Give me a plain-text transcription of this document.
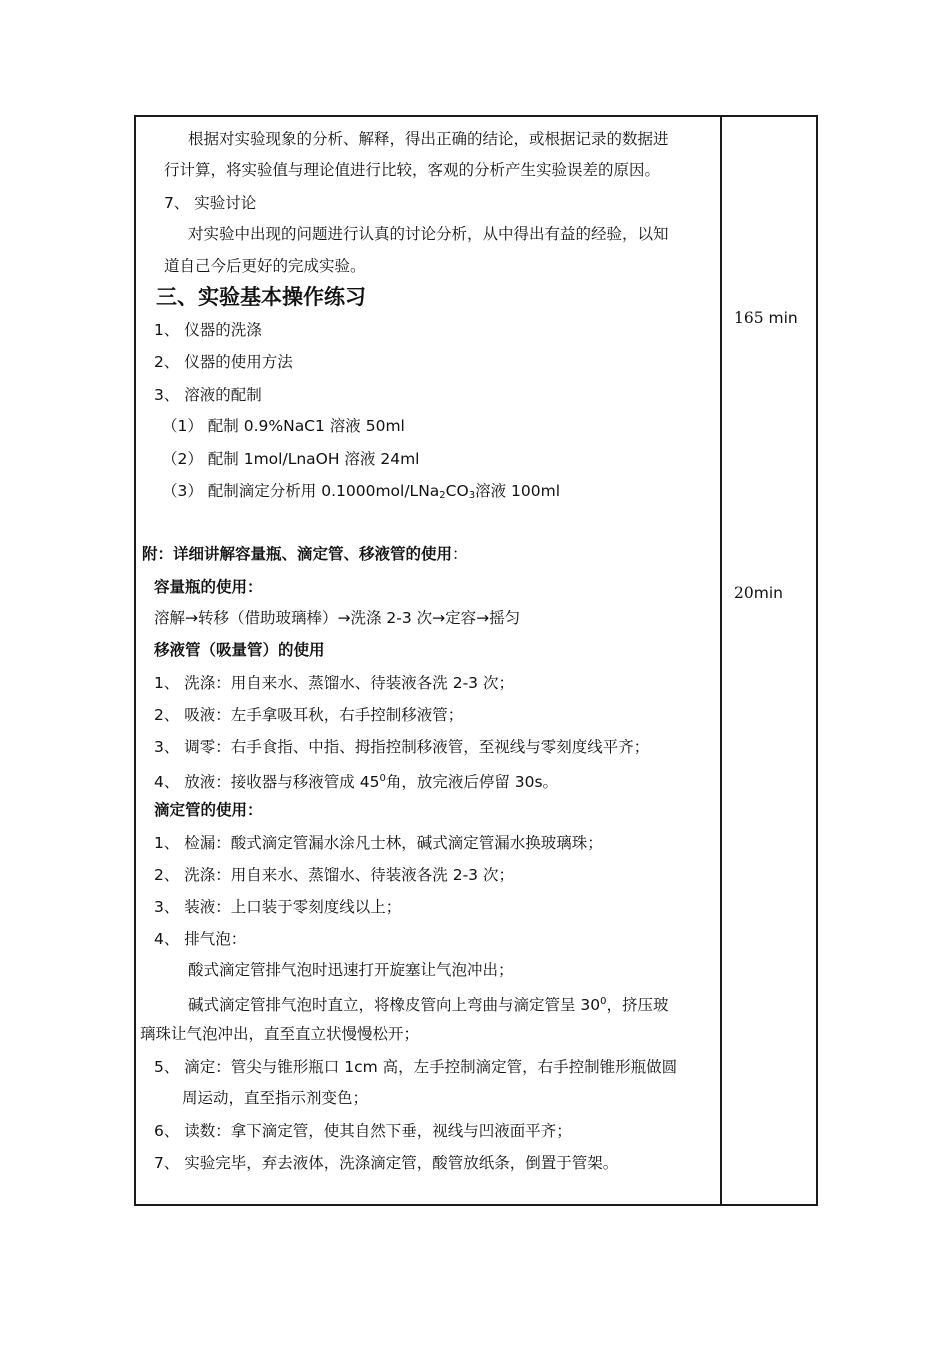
根据对实验现象的分析、解释，得出正确的结论，或根据记录的数据进
行计算，将实验值与理论值进行比较，客观的分析产生实验误差的原因。
7、 实验讨论
对实验中出现的问题进行认真的讨论分析，从中得出有益的经验，以知
道自己今后更好的完成实验。
三、实验基本操作练习
1、 仪器的洗涤
2、 仪器的使用方法
3、 溶液的配制
（1） 配制 0.9%NaC1 溶液 50ml
（2） 配制 1mol/LnaOH 溶液 24ml
（3） 配制滴定分析用 $0.1000mol/LNa_2CO_3$溶液 100ml
附：详细讲解容量瓶、滴定管、移液管的使用：
容量瓶的使用：
溶解→转移（借助玻璃棒）→洗涤 2-3 次→定容→摇匀
移液管（吸量管）的使用
1、 洗涤：用自来水、蒸馏水、待装液各洗 2-3 次；
2、 吸液：左手拿吸耳秋，右手控制移液管；
3、 调零：右手食指、中指、拇指控制移液管，至视线与零刻度线平齐；
4、 放液：接收器与移液管成 $45^0$角，放完液后停留 30s。
滴定管的使用：
1、 检漏：酸式滴定管漏水涂凡士林，碱式滴定管漏水换玻璃珠；
2、 洗涤：用自来水、蒸馏水、待装液各洗 2-3 次；
3、 装液：上口装于零刻度线以上；
4、 排气泡：
酸式滴定管排气泡时迅速打开旋塞让气泡冲出；
碱式滴定管排气泡时直立，将橡皮管向上弯曲与滴定管呈 $30^0$，挤压玻
璃珠让气泡冲出，直至直立状慢慢松开；
5、 滴定：管尖与锥形瓶口 1cm 高，左手控制滴定管，右手控制锥形瓶做圆
周运动，直至指示剂变色；
6、 读数：拿下滴定管，使其自然下垂，视线与凹液面平齐；
7、 实验完毕，弃去液体，洗涤滴定管，酸管放纸条，倒置于管架。
165 min
20min
